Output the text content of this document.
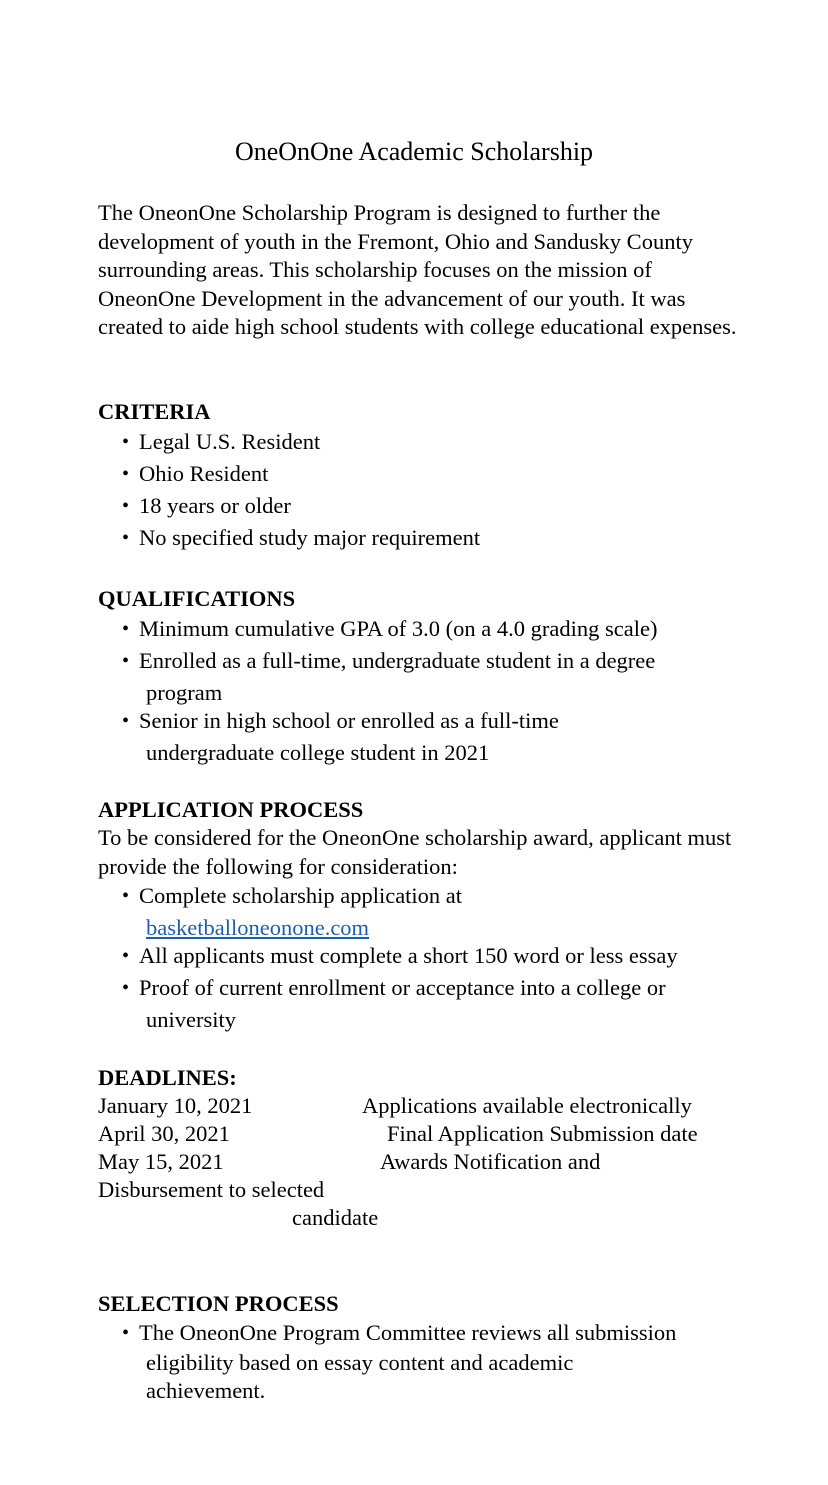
OneOnOne Academic Scholarship
The OneonOne Scholarship Program is designed to further the development of youth in the Fremont, Ohio and Sandusky County surrounding areas. This scholarship focuses on the mission of OneonOne Development in the advancement of our youth. It was created to aide high school students with college educational expenses.
CRITERIA
• Legal U.S. Resident
• Ohio Resident
• 18 years or older
• No specified study major requirement
QUALIFICATIONS
• Minimum cumulative GPA of 3.0 (on a 4.0 grading scale)
• Enrolled as a full-time, undergraduate student in a degree
program
• Senior in high school or enrolled as a full-time
undergraduate college student in 2021
APPLICATION PROCESS
To be considered for the OneonOne scholarship award, applicant must provide the following for consideration:
• Complete scholarship application at
basketballoneonone.com
• All applicants must complete a short 150 word or less essay
• Proof of current enrollment or acceptance into a college or
university
DEADLINES:
January 10, 2021	Applications available electronically
April 30, 2021	Final Application Submission date
May 15, 2021	Awards Notification and
Disbursement to selected
candidate
SELECTION PROCESS
• The OneonOne Program Committee reviews all submission
eligibility based on essay content and academic
achievement.
